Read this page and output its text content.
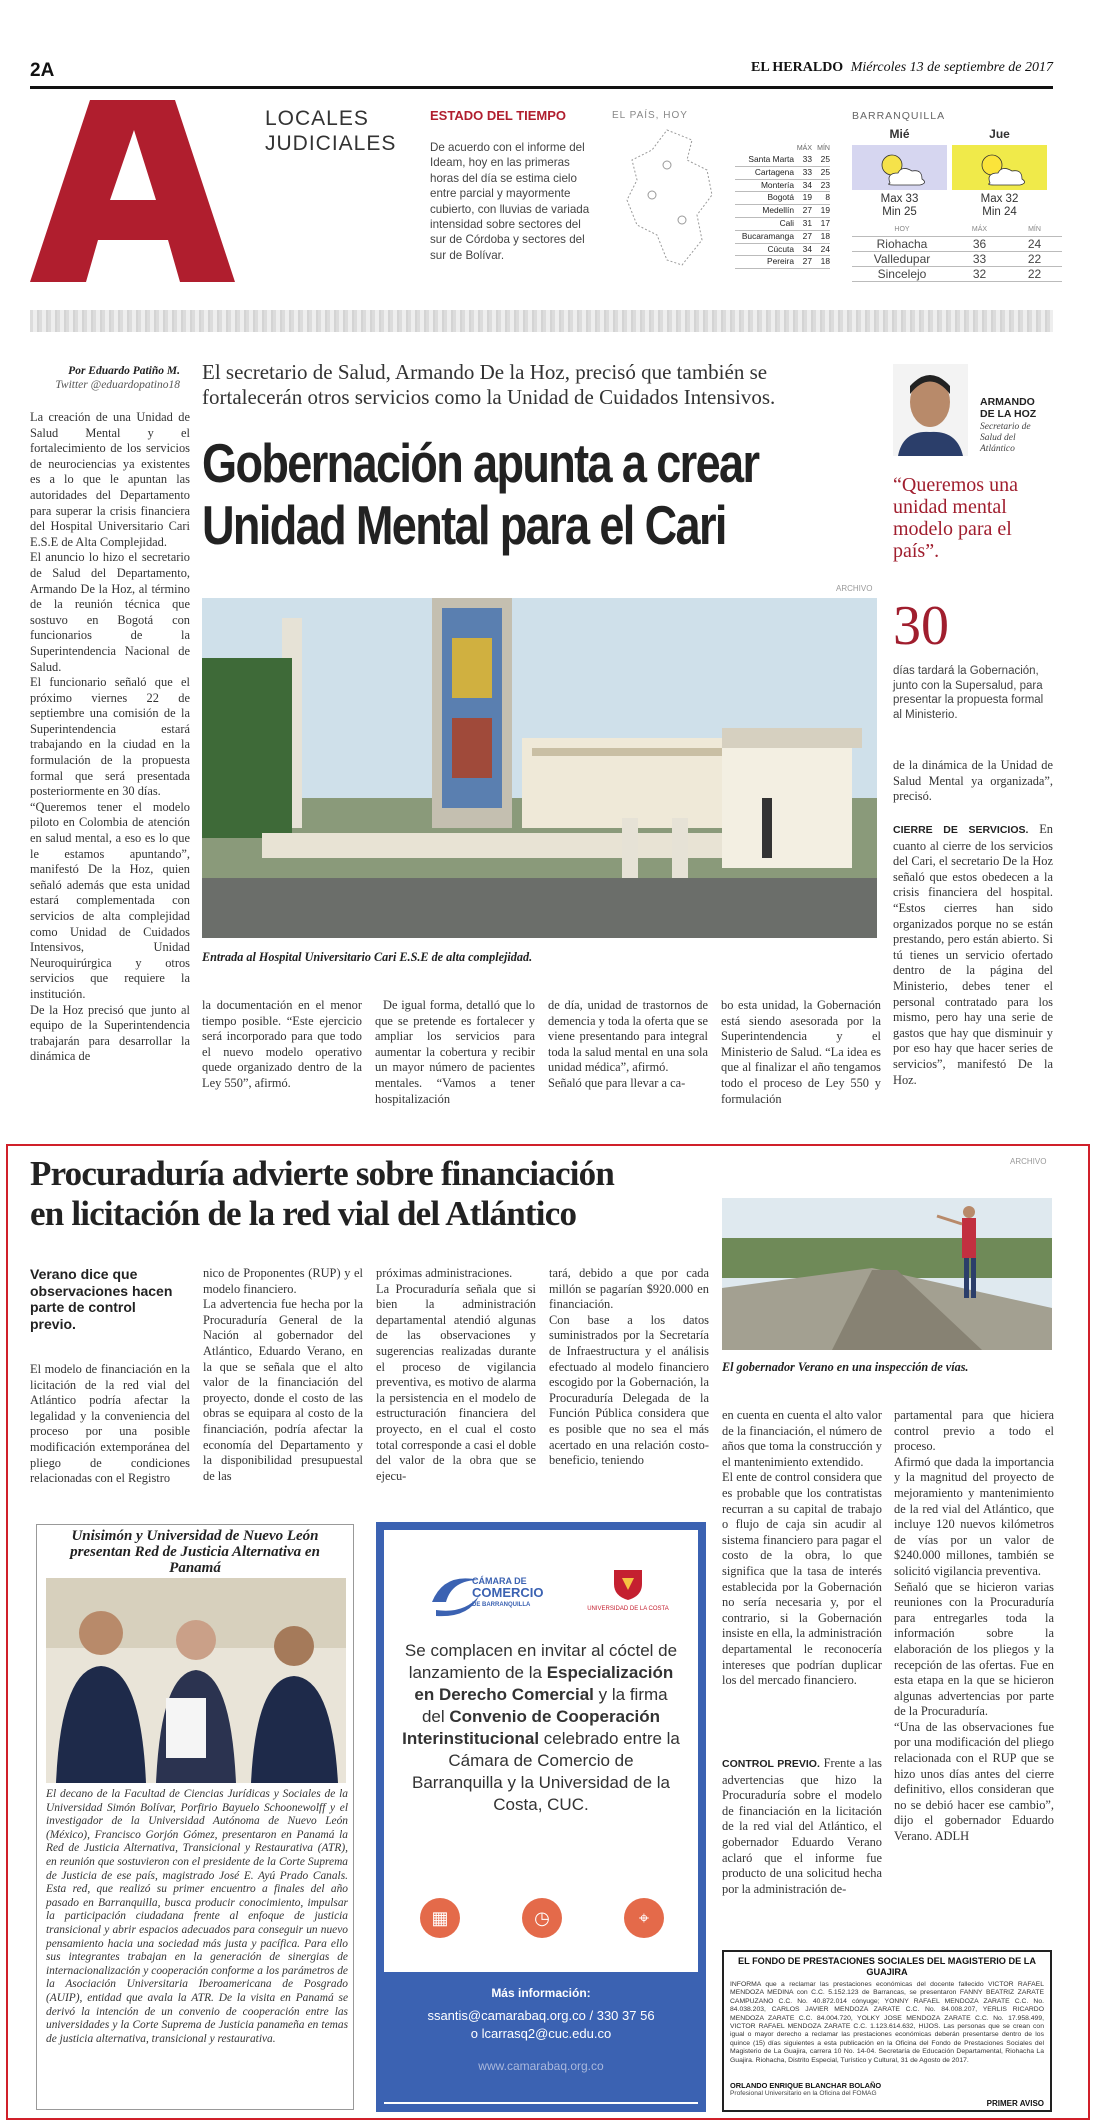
2A	EL HERALDO Miércoles 13 de septiembre de 2017
LOCALES
JUDICIALES
ESTADO DEL TIEMPO
De acuerdo con el informe del Ideam, hoy en las primeras horas del día se estima cielo entre parcial y mayormente cubierto, con lluvias de variada intensidad sobre sectores del sur de Córdoba y sectores del sur de Bolívar.
EL PAÍS, HOY
MÁX MÍN
Santa Marta	33	25
Cartagena	33	25
Montería	34	23
Bogotá	19	8
Medellín	27	19
Cali	31	17
Bucaramanga	27	18
Cúcuta	34	24
Pereira	27	18
BARRANQUILLA
Mié	Jue
Max 33
Min 25
Max 32
Min 24
HOY	MÁX	MÍN
Riohacha	36	24
Valledupar	33	22
Sincelejo	32	22
Por Eduardo Patiño M.
Twitter @eduardopatino18
La creación de una Unidad de Salud Mental y el fortalecimiento de los servicios de neurociencias ya existentes es a lo que le apuntan las autoridades del Departamento para superar la crisis financiera del Hospital Universitario Cari E.S.E de Alta Complejidad.
El anuncio lo hizo el secretario de Salud del Departamento, Armando De la Hoz, al término de la reunión técnica que sostuvo en Bogotá con funcionarios de la Superintendencia Nacional de Salud.
El funcionario señaló que el próximo viernes 22 de septiembre una comisión de la Superintendencia estará trabajando en la ciudad en la formulación de la propuesta formal que será presentada posteriormente en 30 días.
“Queremos tener el modelo piloto en Colombia de atención en salud mental, a eso es lo que le estamos apuntando”, manifestó De la Hoz, quien señaló además que esta unidad estará complementada con servicios de alta complejidad como Unidad de Cuidados Intensivos, Unidad Neuroquirúrgica y otros servicios que requiere la institución.
De la Hoz precisó que junto al equipo de la Superintendencia trabajarán para desarrollar la dinámica de
El secretario de Salud, Armando De la Hoz, precisó que también se fortalecerán otros servicios como la Unidad de Cuidados Intensivos.
Gobernación apunta a crear
Unidad Mental para el Cari
ARCHIVO
Entrada al Hospital Universitario Cari E.S.E de alta complejidad.
la documentación en el menor tiempo posible. “Este ejercicio será incorporado para que todo el nuevo modelo operativo quede organizado dentro de la Ley 550”, afirmó.
De igual forma, detalló que lo que se pretende es fortalecer y ampliar los servicios para aumentar la cobertura y recibir un mayor número de pacientes mentales. “Vamos a tener hospitalización
de día, unidad de trastornos de demencia y toda la oferta que se viene presentando para integral toda la salud mental en una sola unidad médica”, afirmó.
Señaló que para llevar a ca-
bo esta unidad, la Gobernación está siendo asesorada por la Superintendencia y el Ministerio de Salud. “La idea es que al finalizar el año tengamos todo el proceso de Ley 550 y formulación
ARMANDO DE LA HOZ
Secretario de Salud del Atlántico
“Queremos una unidad mental modelo para el país”.
30
días tardará la Gobernación, junto con la Supersalud, para presentar la propuesta formal al Ministerio.
de la dinámica de la Unidad de Salud Mental ya organizada”, precisó.
CIERRE DE SERVICIOS. En cuanto al cierre de los servicios del Cari, el secretario De la Hoz señaló que estos obedecen a la crisis financiera del hospital. “Estos cierres han sido organizados porque no se están prestando, pero están abierto. Si tú tienes un servicio ofertado dentro de la página del Ministerio, debes tener el personal contratado para los mismo, pero hay una serie de gastos que hay que disminuir y por eso hay que hacer series de servicios”, manifestó De la Hoz.
ARCHIVO
Procuraduría advierte sobre financiación
en licitación de la red vial del Atlántico
Verano dice que observaciones hacen parte de control previo.
El modelo de financiación en la licitación de la red vial del Atlántico podría afectar la legalidad y la conveniencia del proceso por una posible modificación extemporánea del pliego de condiciones relacionadas con el Registro
nico de Proponentes (RUP) y el modelo financiero.
La advertencia fue hecha por la Procuraduría General de la Nación al gobernador del Atlántico, Eduardo Verano, en la que se señala que el alto valor de la financiación del proyecto, donde el costo de las obras se equipara al costo de la financiación, podría afectar la economía del Departamento y la disponibilidad presupuestal de las
próximas administraciones.
La Procuraduría señala que si bien la administración departamental atendió algunas de las observaciones y sugerencias realizadas durante el proceso de vigilancia preventiva, es motivo de alarma la persistencia en el modelo de estructuración financiera del proyecto, en el cual el costo total corresponde a casi el doble del valor de la obra que se ejecu-
tará, debido a que por cada millón se pagarían $920.000 en financiación.
Con base a los datos suministrados por la Secretaría de Infraestructura y el análisis efectuado al modelo financiero escogido por la Gobernación, la Procuraduría Delegada de la Función Pública considera que es posible que no sea el más acertado en una relación costo-beneficio, teniendo
El gobernador Verano en una inspección de vías.
en cuenta en cuenta el alto valor de la financiación, el número de años que toma la construcción y el mantenimiento extendido.
El ente de control considera que es probable que los contratistas recurran a su capital de trabajo o flujo de caja sin acudir al sistema financiero para pagar el costo de la obra, lo que significa que la tasa de interés establecida por la Gobernación no sería necesaria y, por el contrario, si la Gobernación insiste en ella, la administración departamental le reconocería intereses que podrían duplicar los del mercado financiero.
CONTROL PREVIO. Frente a las advertencias que hizo la Procuraduría sobre el modelo de financiación en la licitación de la red vial del Atlántico, el gobernador Eduardo Verano aclaró que el informe fue producto de una solicitud hecha por la administración de-
partamental para que hiciera control previo a todo el proceso.
Afirmó que dada la importancia y la magnitud del proyecto de mejoramiento y mantenimiento de la red vial del Atlántico, que incluye 120 nuevos kilómetros de vías por un valor de $240.000 millones, también se solicitó vigilancia preventiva.
Señaló que se hicieron varias reuniones con la Procuraduría para entregarles toda la información sobre la elaboración de los pliegos y la recepción de las ofertas. Fue en esta etapa en la que se hicieron algunas advertencias por parte de la Procuraduría.
“Una de las observaciones fue por una modificación del pliego relacionada con el RUP que se hizo unos días antes del cierre definitivo, ellos consideran que no se debió hacer ese cambio”, dijo el gobernador Eduardo Verano. ADLH
Unisimón y Universidad de Nuevo León presentan Red de Justicia Alternativa en Panamá
El decano de la Facultad de Ciencias Jurídicas y Sociales de la Universidad Simón Bolívar, Porfirio Bayuelo Schoonewolff y el investigador de la Universidad Autónoma de Nuevo León (México), Francisco Gorjón Gómez, presentaron en Panamá la Red de Justicia Alternativa, Transicional y Restaurativa (ATR), en reunión que sostuvieron con el presidente de la Corte Suprema de Justicia de ese país, magistrado José E. Ayú Prado Canals. Esta red, que realizó su primer encuentro a finales del año pasado en Barranquilla, busca producir conocimiento, impulsar la participación ciudadana frente al enfoque de justicia transicional y abrir espacios adecuados para conseguir un nuevo pensamiento hacia una sociedad más justa y pacífica. Para ello sus integrantes trabajan en la generación de sinergias de internacionalización y cooperación conforme a los parámetros de la Asociación Universitaria Iberoamericana de Posgrado (AUIP), entidad que avala la ATR. De la visita en Panamá se derivó la intención de un convenio de cooperación entre las universidades y la Corte Suprema de Justicia panameña en temas de justicia alternativa, transicional y restaurativa.
CÁMARA DE
COMERCIO
DE BARRANQUILLA
UNIVERSIDAD DE LA COSTA
Se complacen en invitar al cóctel de lanzamiento de la Especialización en Derecho Comercial y la firma del Convenio de Cooperación Interinstitucional celebrado entre la Cámara de Comercio de Barranquilla y la Universidad de la Costa, CUC.
▦	◷	⌖
Más información:
ssantis@camarabaq.org.co / 330 37 56
o lcarrasq2@cuc.edu.co
www.camarabaq.org.co
EL FONDO DE PRESTACIONES SOCIALES DEL MAGISTERIO DE LA GUAJIRA
INFORMA que a reclamar las prestaciones económicas del docente fallecido VICTOR RAFAEL MENDOZA MEDINA con C.C. 5.152.123 de Barrancas, se presentaron FANNY BEATRIZ ZARATE CAMPUZANO C.C. No. 40.872.014 cónyuge; YONNY RAFAEL MENDOZA ZARATE C.C. No. 84.038.203, CARLOS JAVIER MENDOZA ZARATE C.C. No. 84.008.207, YERLIS RICARDO MENDOZA ZARATE C.C. 84.004.720, YOLKY JOSE MENDOZA ZARATE C.C. No. 17.958.499, VICTOR RAFAEL MENDOZA ZARATE C.C. 1.123.614.632, HIJOS. Las personas que se crean con igual o mayor derecho a reclamar las prestaciones económicas deberán presentarse dentro de los quince (15) días siguientes a esta publicación en la Oficina del Fondo de Prestaciones Sociales del Magisterio de La Guajira, carrera 10 No. 14-04. Secretaría de Educación Departamental, Riohacha La Guajira. Riohacha, Distrito Especial, Turístico y Cultural, 31 de Agosto de 2017.
ORLANDO ENRIQUE BLANCHAR BOLAÑO
Profesional Universitario en la Oficina del FOMAG
PRIMER AVISO
